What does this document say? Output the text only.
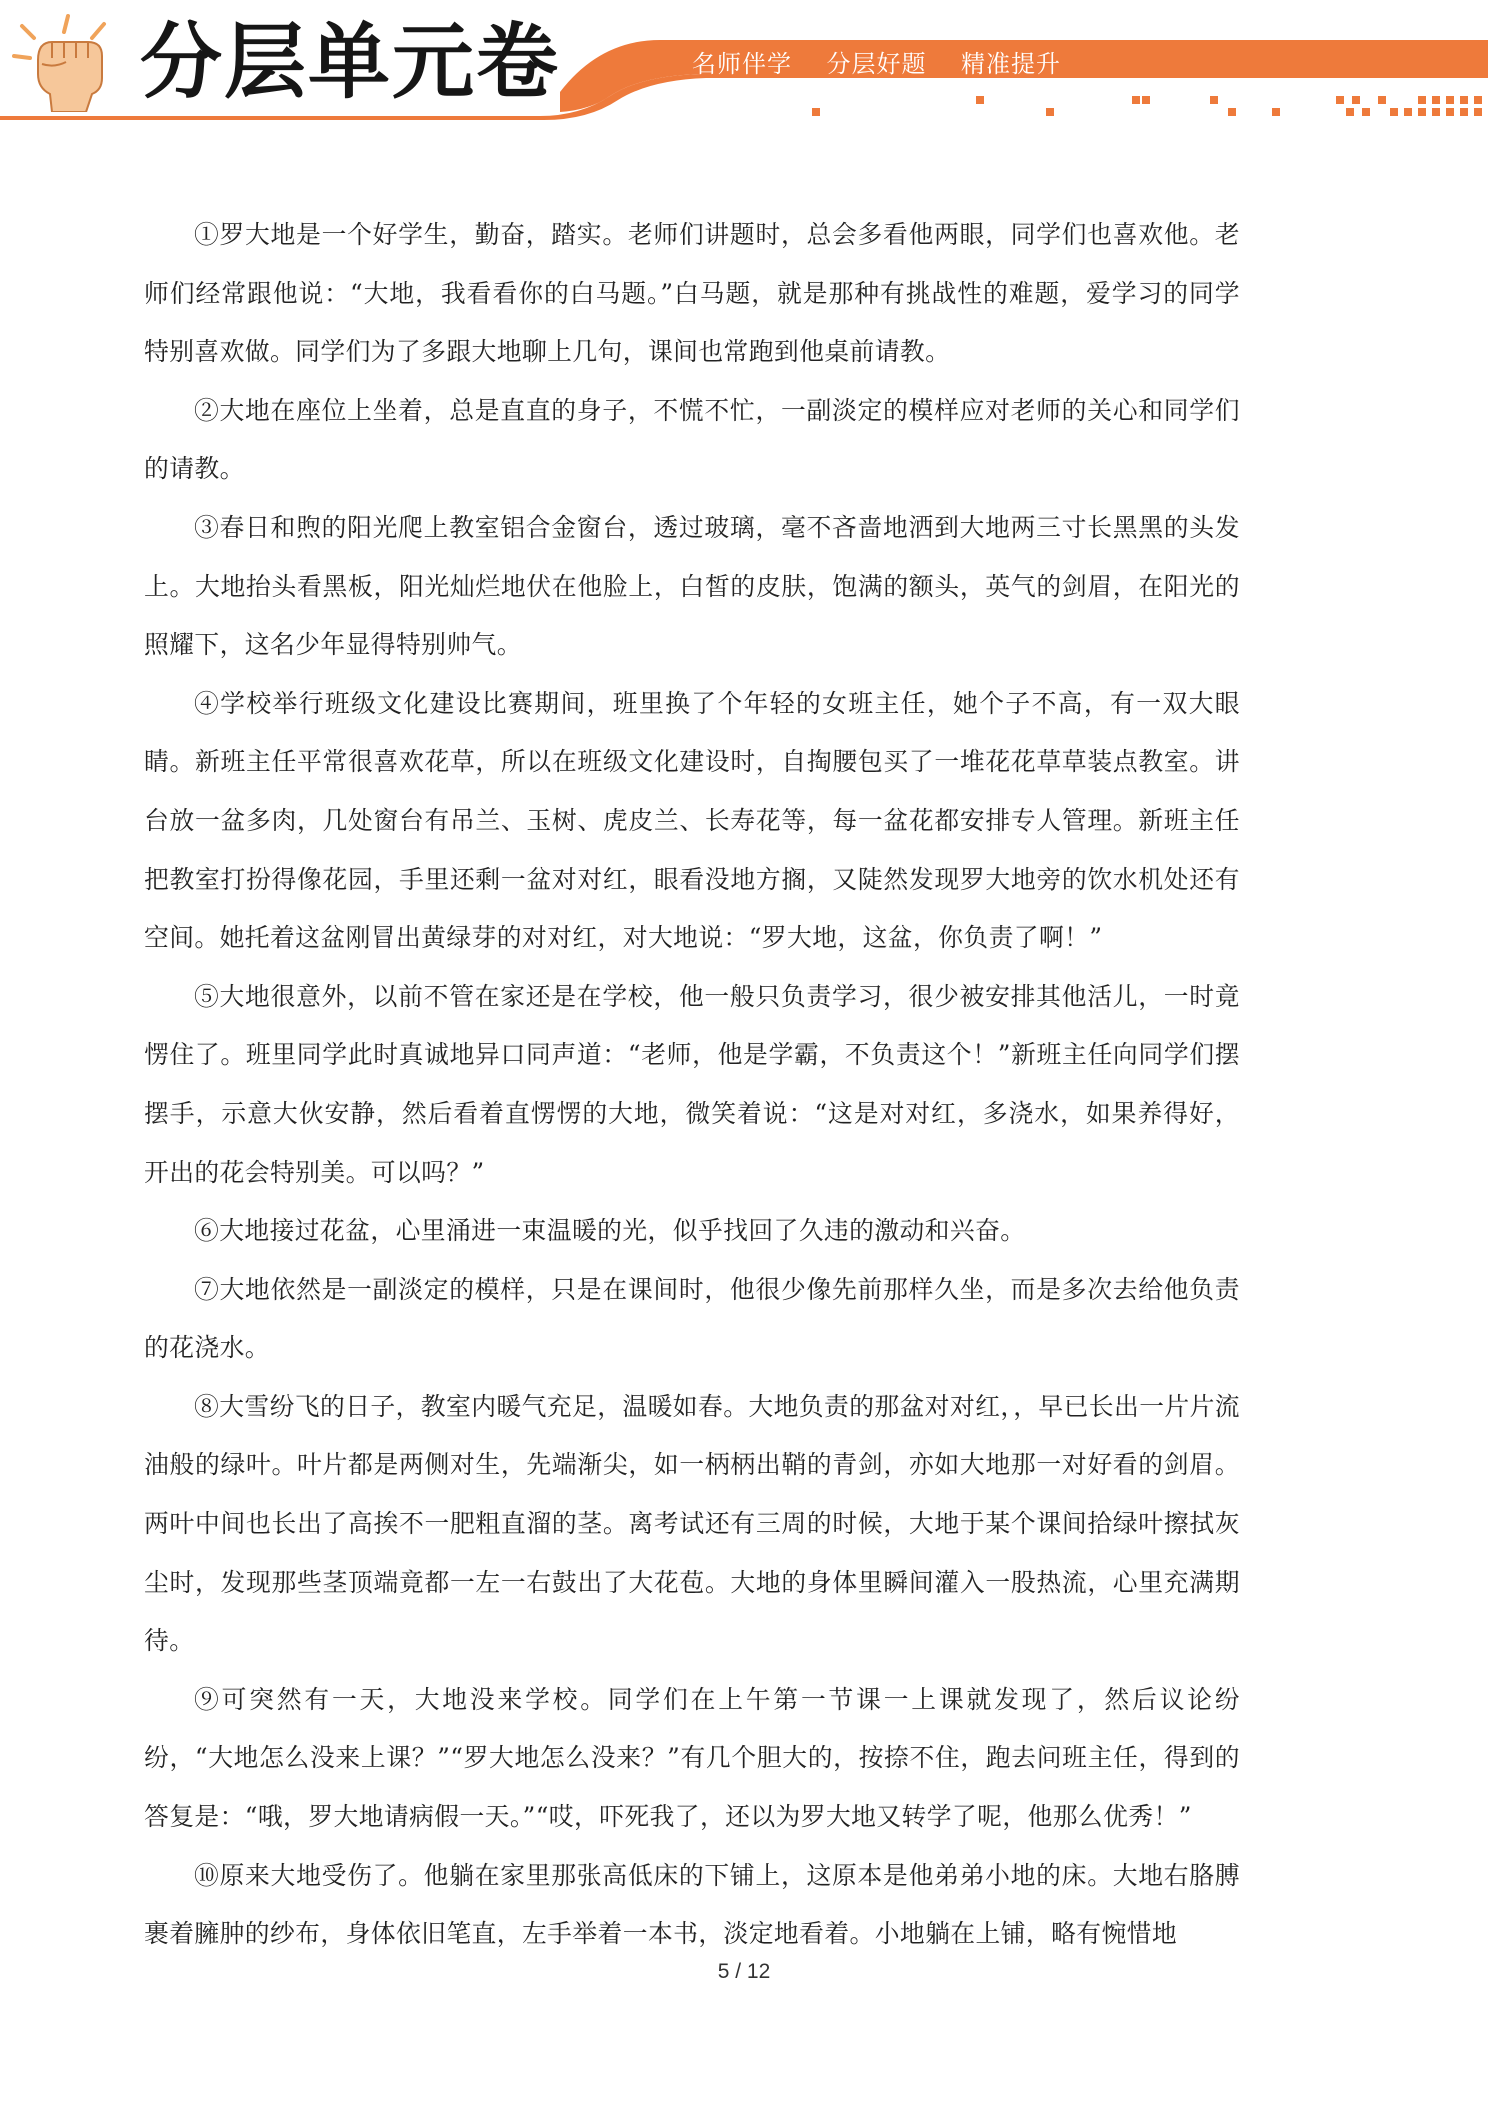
分层单元卷	名师伴学    分层好题    精准提升

①罗大地是一个好学生，勤奋，踏实。老师们讲题时，总会多看他两眼，同学们也喜欢他。老师们经常跟他说：“大地，我看看你的白马题。”白马题，就是那种有挑战性的难题，爱学习的同学特别喜欢做。同学们为了多跟大地聊上几句，课间也常跑到他桌前请教。

②大地在座位上坐着，总是直直的身子，不慌不忙，一副淡定的模样应对老师的关心和同学们的请教。

③春日和煦的阳光爬上教室铝合金窗台，透过玻璃，毫不吝啬地洒到大地两三寸长黑黑的头发上。大地抬头看黑板，阳光灿烂地伏在他脸上，白皙的皮肤，饱满的额头，英气的剑眉，在阳光的照耀下，这名少年显得特别帅气。

④学校举行班级文化建设比赛期间，班里换了个年轻的女班主任，她个子不高，有一双大眼睛。新班主任平常很喜欢花草，所以在班级文化建设时，自掏腰包买了一堆花花草草装点教室。讲台放一盆多肉，几处窗台有吊兰、玉树、虎皮兰、长寿花等，每一盆花都安排专人管理。新班主任把教室打扮得像花园，手里还剩一盆对对红，眼看没地方搁，又陡然发现罗大地旁的饮水机处还有空间。她托着这盆刚冒出黄绿芽的对对红，对大地说：“罗大地，这盆，你负责了啊！”

⑤大地很意外，以前不管在家还是在学校，他一般只负责学习，很少被安排其他活儿，一时竟愣住了。班里同学此时真诚地异口同声道：“老师，他是学霸，不负责这个！”新班主任向同学们摆摆手，示意大伙安静，然后看着直愣愣的大地，微笑着说：“这是对对红，多浇水，如果养得好，开出的花会特别美。可以吗？”

⑥大地接过花盆，心里涌进一束温暖的光，似乎找回了久违的激动和兴奋。

⑦大地依然是一副淡定的模样，只是在课间时，他很少像先前那样久坐，而是多次去给他负责的花浇水。

⑧大雪纷飞的日子，教室内暖气充足，温暖如春。大地负责的那盆对对红，，早已长出一片片流油般的绿叶。叶片都是两侧对生，先端渐尖，如一柄柄出鞘的青剑，亦如大地那一对好看的剑眉。两叶中间也长出了高挨不一肥粗直溜的茎。离考试还有三周的时候，大地于某个课间拾绿叶擦拭灰尘时，发现那些茎顶端竟都一左一右鼓出了大花苞。大地的身体里瞬间灌入一股热流，心里充满期待。

⑨可突然有一天，大地没来学校。同学们在上午第一节课一上课就发现了，然后议论纷纷，“大地怎么没来上课？”“罗大地怎么没来？”有几个胆大的，按捺不住，跑去问班主任，得到的答复是：“哦，罗大地请病假一天。”“哎，吓死我了，还以为罗大地又转学了呢，他那么优秀！”

⑩原来大地受伤了。他躺在家里那张高低床的下铺上，这原本是他弟弟小地的床。大地右胳膊裹着臃肿的纱布，身体依旧笔直，左手举着一本书，淡定地看着。小地躺在上铺，略有惋惜地

5 / 12
